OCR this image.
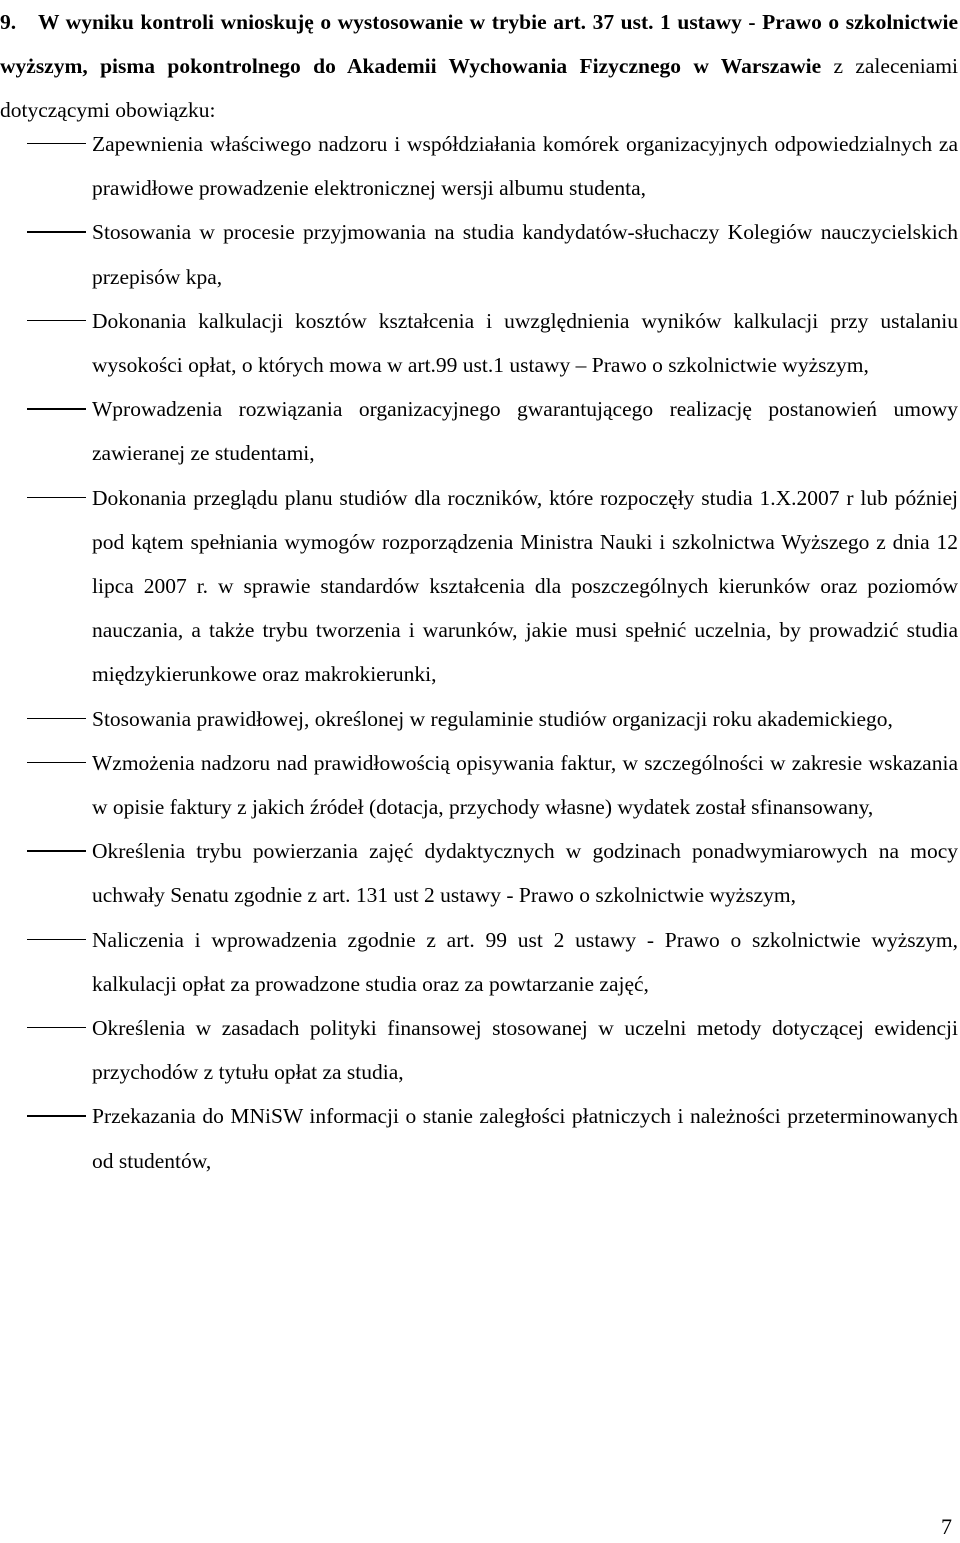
9. W wyniku kontroli wnioskuję o wystosowanie w trybie art. 37 ust. 1 ustawy - Prawo o szkolnictwie wyższym, pisma pokontrolnego do Akademii Wychowania Fizycznego w Warszawie z zaleceniami dotyczącymi obowiązku:
Zapewnienia właściwego nadzoru i współdziałania komórek organizacyjnych odpowiedzialnych za prawidłowe prowadzenie elektronicznej wersji albumu studenta,
Stosowania w procesie przyjmowania na studia kandydatów-słuchaczy Kolegiów nauczycielskich przepisów kpa,
Dokonania kalkulacji kosztów kształcenia i uwzględnienia wyników kalkulacji przy ustalaniu wysokości opłat, o których mowa w art.99 ust.1 ustawy – Prawo o szkolnictwie wyższym,
Wprowadzenia rozwiązania organizacyjnego gwarantującego realizację postanowień umowy zawieranej ze studentami,
Dokonania przeglądu planu studiów dla roczników, które rozpoczęły studia 1.X.2007 r lub później pod kątem spełniania wymogów rozporządzenia Ministra Nauki i szkolnictwa Wyższego z dnia 12 lipca 2007 r. w sprawie standardów kształcenia dla poszczególnych kierunków oraz poziomów nauczania, a także trybu tworzenia i warunków, jakie musi spełnić uczelnia, by prowadzić studia międzykierunkowe oraz makrokierunki,
Stosowania prawidłowej, określonej w regulaminie studiów organizacji roku akademickiego,
Wzmożenia nadzoru nad prawidłowością opisywania faktur, w szczególności w zakresie wskazania w opisie faktury z jakich źródeł (dotacja, przychody własne) wydatek został sfinansowany,
Określenia trybu powierzania zajęć dydaktycznych w godzinach ponadwymiarowych na mocy uchwały Senatu zgodnie z art. 131 ust 2 ustawy - Prawo o szkolnictwie wyższym,
Naliczenia i wprowadzenia zgodnie z art. 99 ust 2 ustawy - Prawo o szkolnictwie wyższym, kalkulacji opłat za prowadzone studia oraz za powtarzanie zajęć,
Określenia w zasadach polityki finansowej stosowanej w uczelni metody dotyczącej ewidencji przychodów z tytułu opłat za studia,
Przekazania do MNiSW informacji o stanie zaległości płatniczych i należności przeterminowanych od studentów,
7
